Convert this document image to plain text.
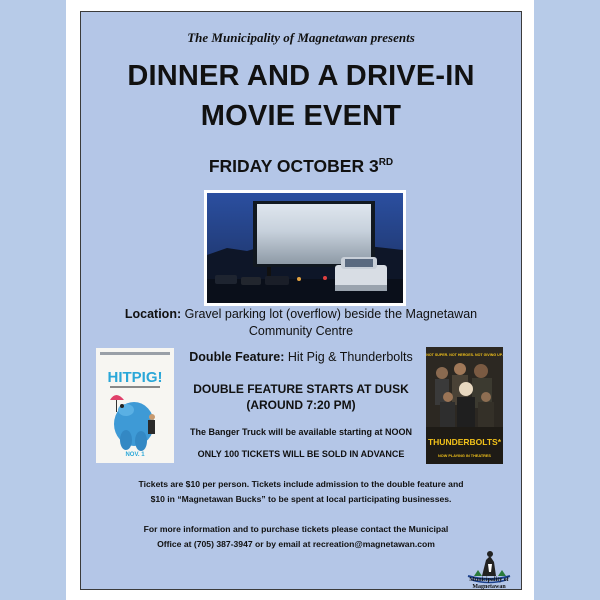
The Municipality of Magnetawan presents
DINNER AND A DRIVE-IN
MOVIE EVENT
FRIDAY OCTOBER 3RD
Location: Gravel parking lot (overflow) beside the Magnetawan Community Centre
HITPIG!
NOV. 1
Double Feature: Hit Pig & Thunderbolts
DOUBLE FEATURE STARTS AT DUSK
(AROUND 7:20 PM)
The Banger Truck will be available starting at NOON
ONLY 100 TICKETS WILL BE SOLD IN ADVANCE
NOT SUPER. NOT HEROES. NOT GIVING UP.
THUNDERBOLTS*
NOW PLAYING IN THEATRES
Tickets are $10 per person. Tickets include admission to the double feature and
$10 in “Magnetawan Bucks” to be spent at local participating businesses.
For more information and to purchase tickets please contact the Municipal
Office at (705) 387-3947 or by email at recreation@magnetawan.com
Municipality of
Magnetawan
